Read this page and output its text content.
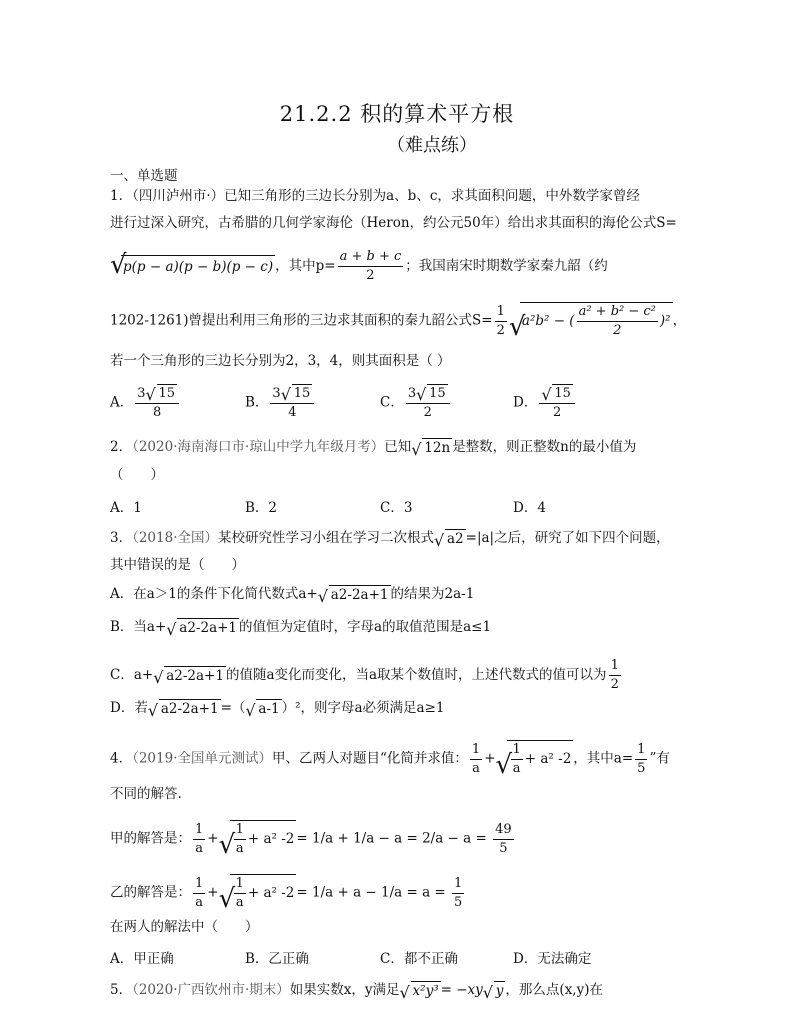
21.2.2 积的算术平方根
（难点练）
一、单选题
1．（四川泸州市·）已知三角形的三边长分别为a、b、c，求其面积问题，中外数学家曾经
进行过深入研究，古希腊的几何学家海伦（Heron，约公元50年）给出求其面积的海伦公式S=
√ p(p − a)(p − b)(p − c) ，其中$p= \frac{a + b + c}{2}$ ；我国南宋时期数学家秦九韶（约
1202-1261)曾提出利用三角形的三边求其面积的秦九韶公式$S= \frac{1}{2}$ √ a²b² − ( $\frac{\text{a² + b² − c²}}{2} )^2$ ，
若一个三角形的三边长分别为2，3，4，则其面积是（ ）
A． $\frac{3 √ 15}{8}$	B． $\frac{3 √ 15}{4}$	C． $\frac{3 √ 15}{2}$	D． √ $\frac{15}{2}$
2．（2020·海南海口市·琼山中学九年级月考）已知 √ 12n 是整数，则正整数n的最小值为
（　　）
A．1	B．2	C．3	D．4
3．（2018·全国）某校研究性学习小组在学习二次根式 √ a2 =|a|之后，研究了如下四个问题，
其中错误的是（　　）
A．在a＞1的条件下化简代数式a+ √ a2-2a+1 的结果为2a-1
B．当a+ √ a2-2a+1 的值恒为定值时，字母a的取值范围是a≤1
C．a+ √ a2-2a+1 的值随a变化而变化，当a取某个数值时，上述代数式的值可以为 $\frac{1}{2}$
D．若 √ a2-2a+1 =（ √ a-1 ）²，则字母a必须满足a≥1
4．（2019·全国单元测试）甲、乙两人对题目“化简并求值： $\frac{1}{a}$ + √ $\frac{1}{a} + a^2$ -2 ，其中$a= \frac{1}{5}$ ”有
不同的解答.
甲的解答是： $\frac{1}{a}$ + √ $\frac{1}{a} + a^2$ $-2 = 1/a + 1/a - a = 2/a - a = \frac{49}{5}$
乙的解答是： $\frac{1}{a}$ + √ $\frac{1}{a} + a^2$ $-2 = 1/a + a - 1/a = a = \frac{1}{5}$
在两人的解法中（　　）
A．甲正确	B．乙正确	C．都不正确	D．无法确定
5．（2020·广西钦州市·期末）如果实数x，y满足 √ x²y³ = −xy √ y ，那么点(x,y)在
